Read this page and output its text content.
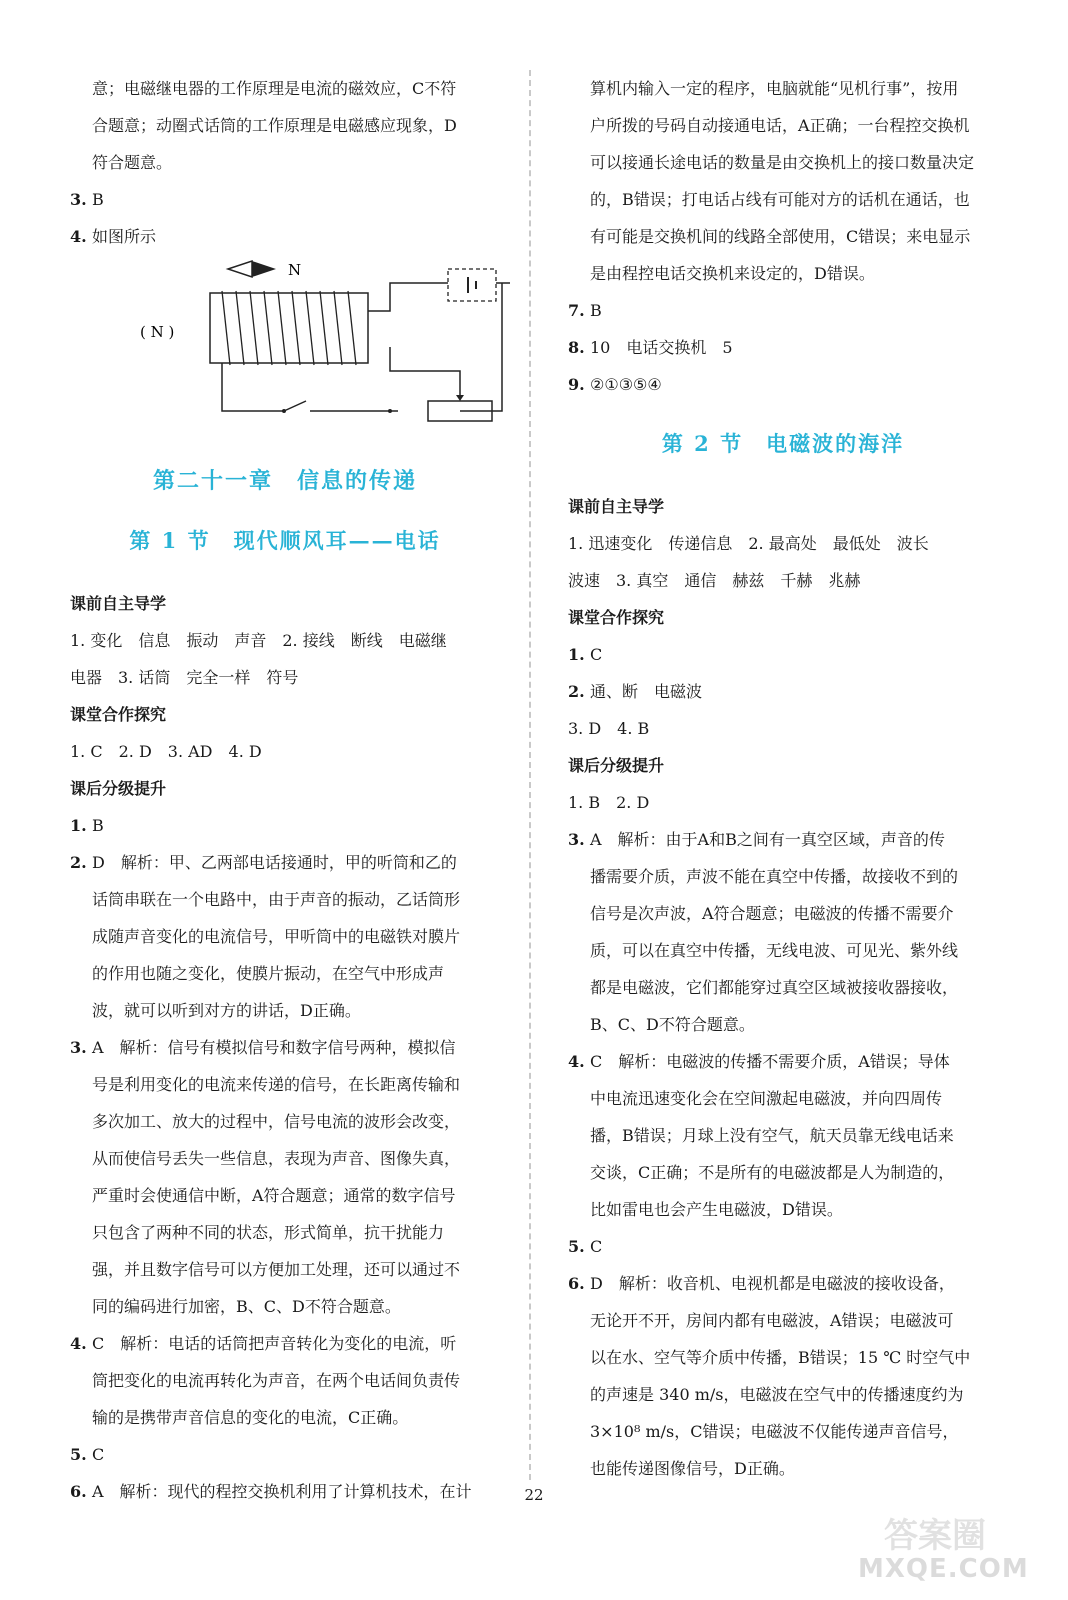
意；电磁继电器的工作原理是电流的磁效应，C不符
合题意；动圈式话筒的工作原理是电磁感应现象，D
符合题意。
3. B
4. 如图所示
N
( N )
第二十一章　信息的传递
第 1 节　现代顺风耳——电话
课前自主导学
1. 变化　信息　振动　声音　2. 接线　断线　电磁继
电器　3. 话筒　完全一样　符号
课堂合作探究
1. C　2. D　3. AD　4. D
课后分级提升
1. B
2. D　解析：甲、乙两部电话接通时，甲的听筒和乙的
话筒串联在一个电路中，由于声音的振动，乙话筒形
成随声音变化的电流信号，甲听筒中的电磁铁对膜片
的作用也随之变化，使膜片振动，在空气中形成声
波，就可以听到对方的讲话，D正确。
3. A　解析：信号有模拟信号和数字信号两种，模拟信
号是利用变化的电流来传递的信号，在长距离传输和
多次加工、放大的过程中，信号电流的波形会改变，
从而使信号丢失一些信息，表现为声音、图像失真，
严重时会使通信中断，A符合题意；通常的数字信号
只包含了两种不同的状态，形式简单，抗干扰能力
强，并且数字信号可以方便加工处理，还可以通过不
同的编码进行加密，B、C、D不符合题意。
4. C　解析：电话的话筒把声音转化为变化的电流，听
筒把变化的电流再转化为声音，在两个电话间负责传
输的是携带声音信息的变化的电流，C正确。
5. C
6. A　解析：现代的程控交换机利用了计算机技术，在计
算机内输入一定的程序，电脑就能“见机行事”，按用
户所拨的号码自动接通电话，A正确；一台程控交换机
可以接通长途电话的数量是由交换机上的接口数量决定
的，B错误；打电话占线有可能对方的话机在通话，也
有可能是交换机间的线路全部使用，C错误；来电显示
是由程控电话交换机来设定的，D错误。
7. B
8. 10　电话交换机　5
9. ②①③⑤④
第 2 节　电磁波的海洋
课前自主导学
1. 迅速变化　传递信息　2. 最高处　最低处　波长
波速　3. 真空　通信　赫兹　千赫　兆赫
课堂合作探究
1. C
2. 通、断　电磁波
3. D　4. B
课后分级提升
1. B　2. D
3. A　解析：由于A和B之间有一真空区域，声音的传
播需要介质，声波不能在真空中传播，故接收不到的
信号是次声波，A符合题意；电磁波的传播不需要介
质，可以在真空中传播，无线电波、可见光、紫外线
都是电磁波，它们都能穿过真空区域被接收器接收，
B、C、D不符合题意。
4. C　解析：电磁波的传播不需要介质，A错误；导体
中电流迅速变化会在空间激起电磁波，并向四周传
播，B错误；月球上没有空气，航天员靠无线电话来
交谈，C正确；不是所有的电磁波都是人为制造的，
比如雷电也会产生电磁波，D错误。
5. C
6. D　解析：收音机、电视机都是电磁波的接收设备，
无论开不开，房间内都有电磁波，A错误；电磁波可
以在水、空气等介质中传播，B错误；15 ℃ 时空气中
的声速是 340 m/s，电磁波在空气中的传播速度约为
3×10⁸ m/s，C错误；电磁波不仅能传递声音信号，
也能传递图像信号，D正确。
22
答案圈
MXQE.COM
